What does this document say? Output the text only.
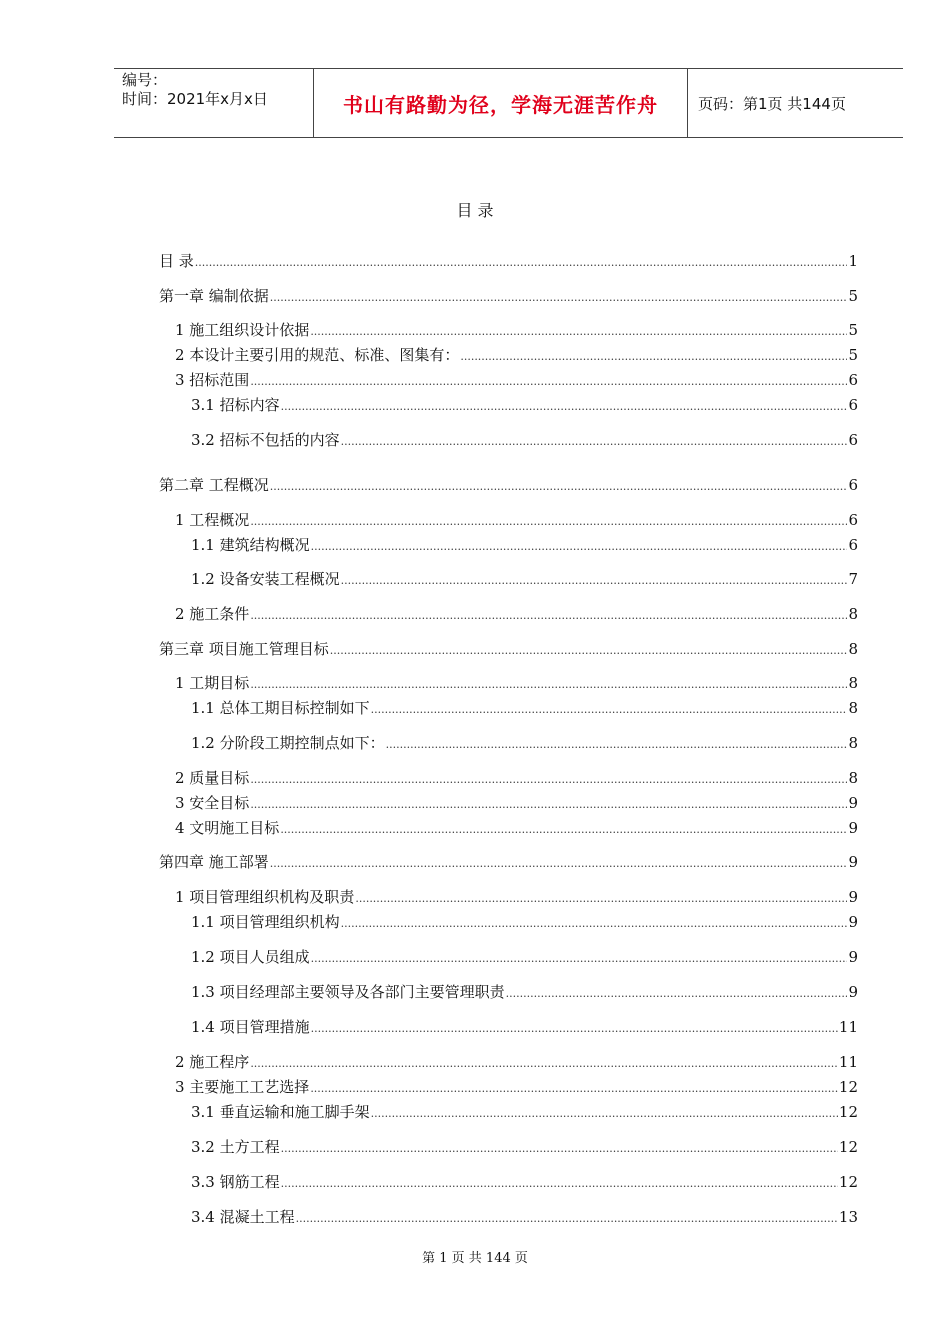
编号：
时间：2021年x月x日	书山有路勤为径，学海无涯苦作舟	页码：第1页 共144页
目 录
目 录 .....	1
第一章 编制依据 .....	5
1 施工组织设计依据 .....	5
2 本设计主要引用的规范、标准、图集有： .....	5
3 招标范围 .....	6
3.1 招标内容 .....	6
3.2 招标不包括的内容 .....	6
第二章 工程概况 .....	6
1 工程概况 .....	6
1.1 建筑结构概况 .....	6
1.2 设备安装工程概况 .....	7
2 施工条件 .....	8
第三章 项目施工管理目标 .....	8
1 工期目标 .....	8
1.1 总体工期目标控制如下 .....	8
1.2 分阶段工期控制点如下： .....	8
2 质量目标 .....	8
3 安全目标 .....	9
4 文明施工目标 .....	9
第四章 施工部署 .....	9
1 项目管理组织机构及职责 .....	9
1.1 项目管理组织机构 .....	9
1.2 项目人员组成 .....	9
1.3 项目经理部主要领导及各部门主要管理职责 .....	9
1.4 项目管理措施 .....	11
2 施工程序 .....	11
3 主要施工工艺选择 .....	12
3.1 垂直运输和施工脚手架 .....	12
3.2 土方工程 .....	12
3.3 钢筋工程 .....	12
3.4 混凝土工程 .....	13
第 1 页 共 144 页
